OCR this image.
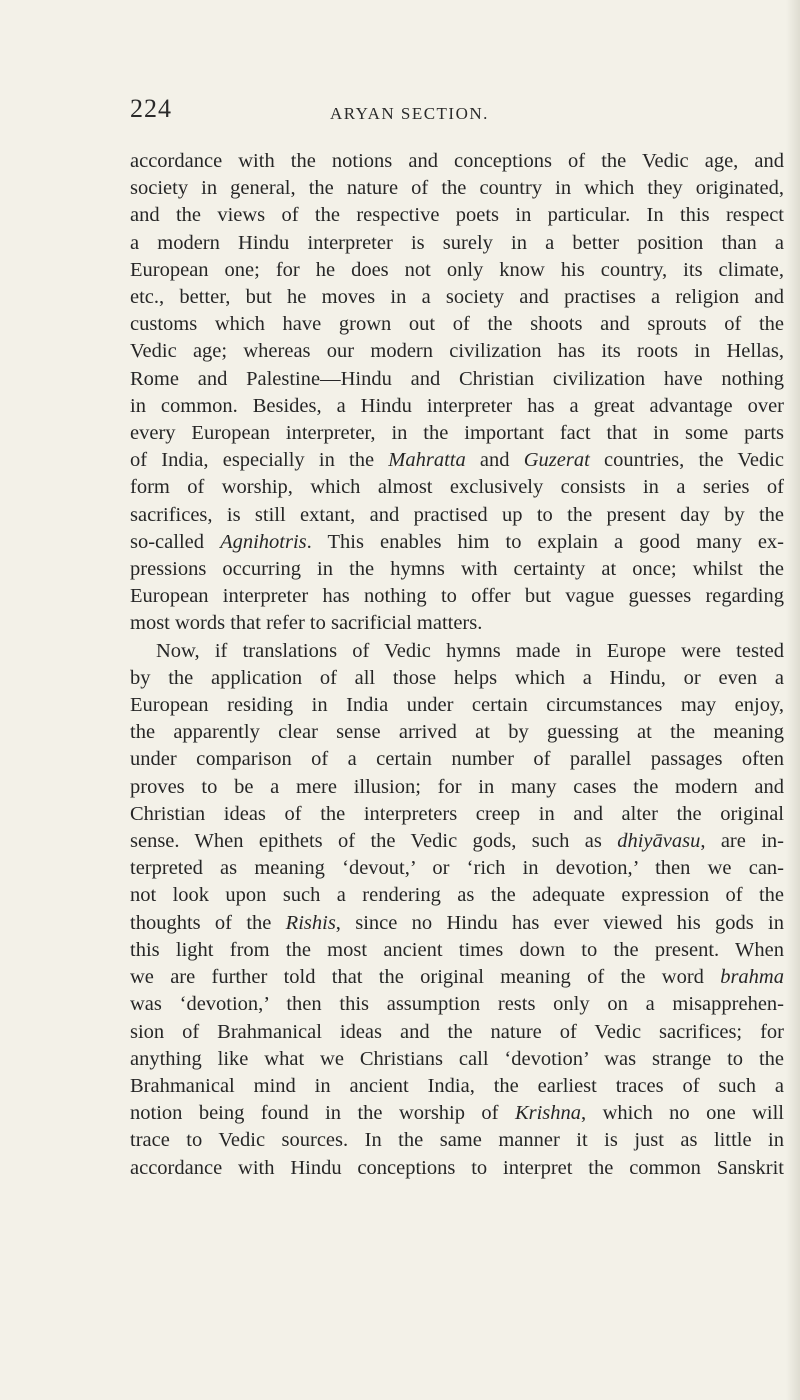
224	ARYAN SECTION.
accordance with the notions and conceptions of the Vedic age, and
society in general, the nature of the country in which they originated,
and the views of the respective poets in particular. In this respect
a modern Hindu interpreter is surely in a better position than a
European one; for he does not only know his country, its climate,
etc., better, but he moves in a society and practises a religion and
customs which have grown out of the shoots and sprouts of the
Vedic age; whereas our modern civilization has its roots in Hellas,
Rome and Palestine—Hindu and Christian civilization have nothing
in common. Besides, a Hindu interpreter has a great advantage over
every European interpreter, in the important fact that in some parts
of India, especially in the Mahratta and Guzerat countries, the Vedic
form of worship, which almost exclusively consists in a series of
sacrifices, is still extant, and practised up to the present day by the
so-called Agnihotris. This enables him to explain a good many ex-
pressions occurring in the hymns with certainty at once; whilst the
European interpreter has nothing to offer but vague guesses regarding
most words that refer to sacrificial matters.
Now, if translations of Vedic hymns made in Europe were tested
by the application of all those helps which a Hindu, or even a
European residing in India under certain circumstances may enjoy,
the apparently clear sense arrived at by guessing at the meaning
under comparison of a certain number of parallel passages often
proves to be a mere illusion; for in many cases the modern and
Christian ideas of the interpreters creep in and alter the original
sense. When epithets of the Vedic gods, such as dhiyāvasu, are in-
terpreted as meaning ‘devout,’ or ‘rich in devotion,’ then we can-
not look upon such a rendering as the adequate expression of the
thoughts of the Rishis, since no Hindu has ever viewed his gods in
this light from the most ancient times down to the present. When
we are further told that the original meaning of the word brahma
was ‘devotion,’ then this assumption rests only on a misapprehen-
sion of Brahmanical ideas and the nature of Vedic sacrifices; for
anything like what we Christians call ‘devotion’ was strange to the
Brahmanical mind in ancient India, the earliest traces of such a
notion being found in the worship of Krishna, which no one will
trace to Vedic sources. In the same manner it is just as little in
accordance with Hindu conceptions to interpret the common Sanskrit
